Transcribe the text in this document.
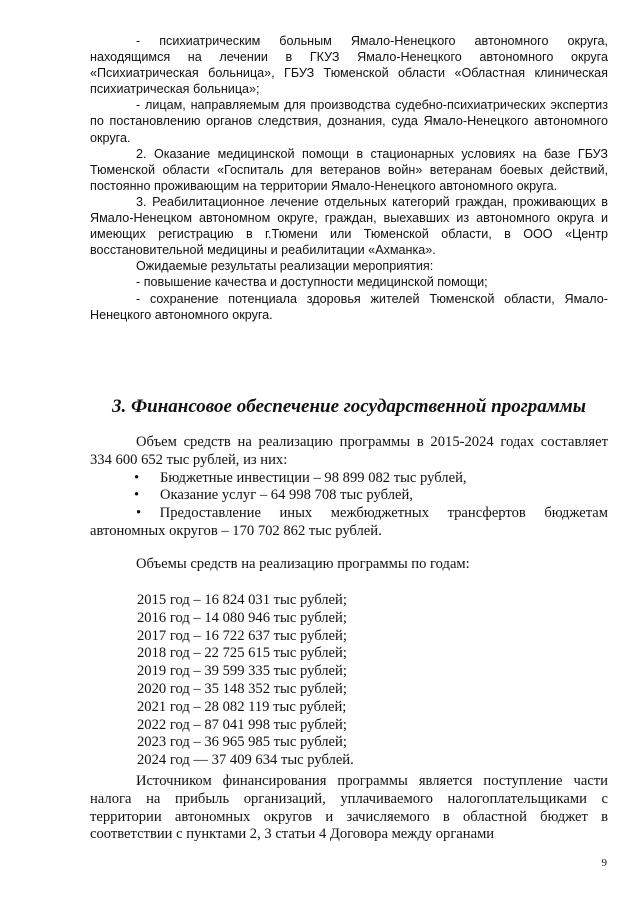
- психиатрическим больным Ямало-Ненецкого автономного округа, находящимся на лечении в ГКУЗ Ямало-Ненецкого автономного округа «Психиатрическая больница», ГБУЗ Тюменской области «Областная клиническая психиатрическая больница»;

- лицам, направляемым для производства судебно-психиатрических экспертиз по постановлению органов следствия, дознания, суда Ямало-Ненецкого автономного округа.

2. Оказание медицинской помощи в стационарных условиях на базе ГБУЗ Тюменской области «Госпиталь для ветеранов войн» ветеранам боевых действий, постоянно проживающим на территории Ямало-Ненецкого автономного округа.

3. Реабилитационное лечение отдельных категорий граждан, проживающих в Ямало-Ненецком автономном округе, граждан, выехавших из автономного округа и имеющих регистрацию в г.Тюмени или Тюменской области, в ООО «Центр восстановительной медицины и реабилитации «Ахманка».

Ожидаемые результаты реализации мероприятия:

- повышение качества и доступности медицинской помощи;

- сохранение потенциала здоровья жителей Тюменской области, Ямало-Ненецкого автономного округа.

3. Финансовое обеспечение государственной программы

Объем средств на реализацию программы в 2015-2024 годах составляет 334 600 652 тыс рублей, из них:

•	Бюджетные инвестиции – 98 899 082 тыс рублей,
•	Оказание услуг – 64 998 708 тыс рублей,

• Предоставление иных межбюджетных трансфертов бюджетам автономных округов – 170 702 862 тыс рублей.

Объемы средств на реализацию программы по годам:

2015 год – 16 824 031 тыс рублей;
2016 год – 14 080 946 тыс рублей;
2017 год – 16 722 637 тыс рублей;
2018 год – 22 725 615 тыс рублей;
2019 год – 39 599 335 тыс рублей;
2020 год – 35 148 352 тыс рублей;
2021 год – 28 082 119 тыс рублей;
2022 год – 87 041 998 тыс рублей;
2023 год – 36 965 985 тыс рублей;
2024 год — 37 409 634 тыс рублей.

Источником финансирования программы является поступление части налога на прибыль организаций, уплачиваемого налогоплательщиками с территории автономных округов и зачисляемого в областной бюджет в соответствии с пунктами 2, 3 статьи 4 Договора между органами

9
